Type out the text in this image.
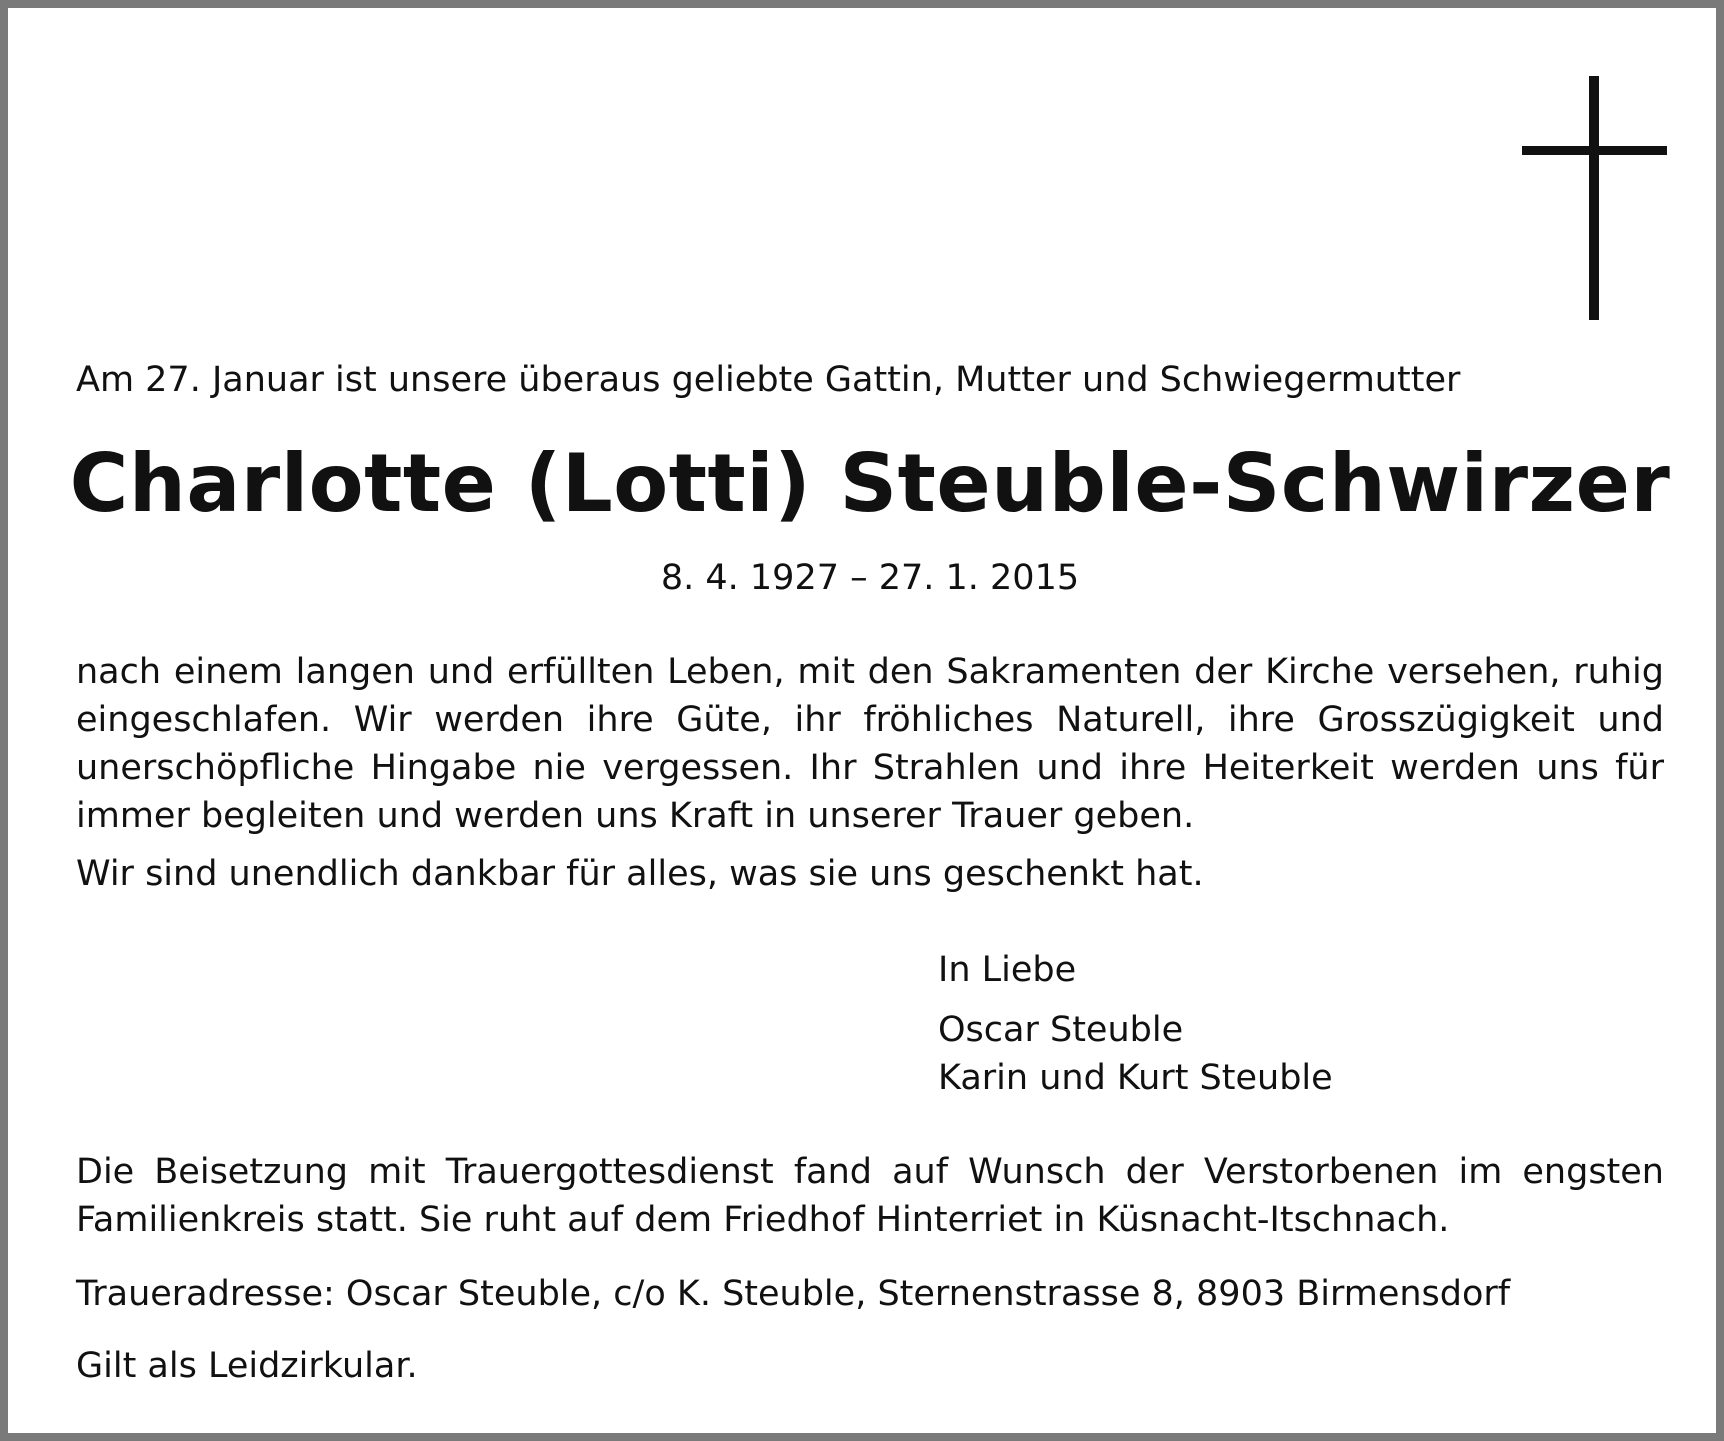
Am 27. Januar ist unsere überaus geliebte Gattin, Mutter und Schwiegermutter

Charlotte (Lotti) Steuble-Schwirzer

8. 4. 1927 – 27. 1. 2015

nach einem langen und erfüllten Leben, mit den Sakramenten der Kirche versehen, ruhig eingeschlafen. Wir werden ihre Güte, ihr fröhliches Naturell, ihre Grosszügigkeit und unerschöpfliche Hingabe nie vergessen. Ihr Strahlen und ihre Heiterkeit werden uns für immer begleiten und werden uns Kraft in unserer Trauer geben.

Wir sind unendlich dankbar für alles, was sie uns geschenkt hat.

In Liebe
Oscar Steuble
Karin und Kurt Steuble

Die Beisetzung mit Trauergottesdienst fand auf Wunsch der Verstorbenen im engsten Familienkreis statt. Sie ruht auf dem Friedhof Hinterriet in Küsnacht-Itschnach.

Traueradresse: Oscar Steuble, c/o K. Steuble, Sternenstrasse 8, 8903 Birmensdorf

Gilt als Leidzirkular.
